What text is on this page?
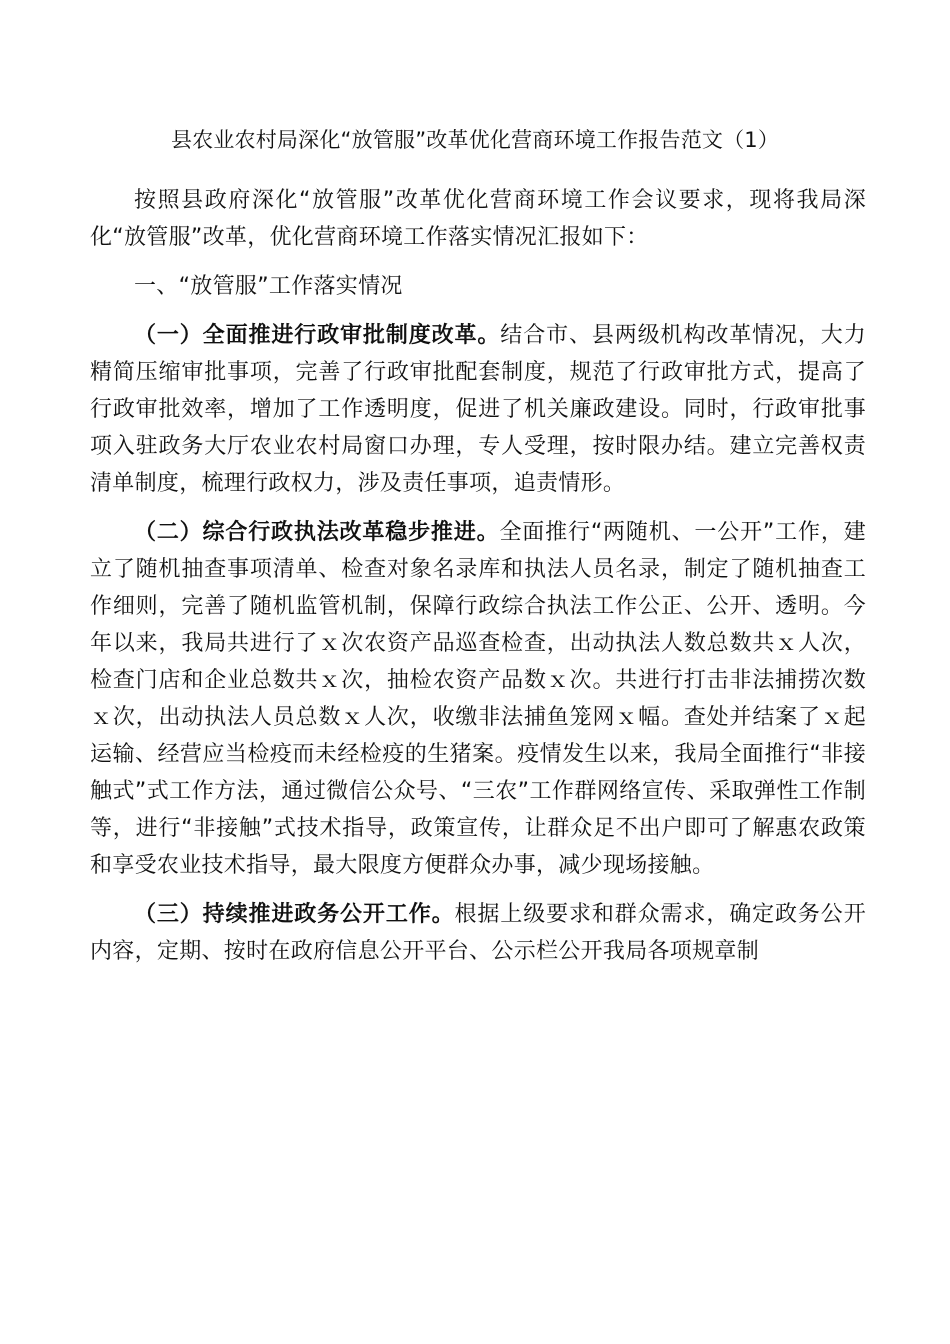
县农业农村局深化“放管服”改革优化营商环境工作报告范文（1）

按照县政府深化“放管服”改革优化营商环境工作会议要求，现将我局深化“放管服”改革，优化营商环境工作落实情况汇报如下：

一、“放管服”工作落实情况

（一）全面推进行政审批制度改革。结合市、县两级机构改革情况，大力精简压缩审批事项，完善了行政审批配套制度，规范了行政审批方式，提高了行政审批效率，增加了工作透明度，促进了机关廉政建设。同时，行政审批事项入驻政务大厅农业农村局窗口办理，专人受理，按时限办结。建立完善权责清单制度，梳理行政权力，涉及责任事项，追责情形。

（二）综合行政执法改革稳步推进。全面推行“两随机、一公开”工作，建立了随机抽查事项清单、检查对象名录库和执法人员名录，制定了随机抽查工作细则，完善了随机监管机制，保障行政综合执法工作公正、公开、透明。今年以来，我局共进行了ｘ次农资产品巡查检查，出动执法人数总数共ｘ人次，检查门店和企业总数共ｘ次，抽检农资产品数ｘ次。共进行打击非法捕捞次数ｘ次，出动执法人员总数ｘ人次，收缴非法捕鱼笼网ｘ幅。查处并结案了ｘ起运输、经营应当检疫而未经检疫的生猪案。疫情发生以来，我局全面推行“非接触式”式工作方法，通过微信公众号、“三农”工作群网络宣传、采取弹性工作制等，进行“非接触”式技术指导，政策宣传，让群众足不出户即可了解惠农政策和享受农业技术指导，最大限度方便群众办事，减少现场接触。

（三）持续推进政务公开工作。根据上级要求和群众需求，确定政务公开内容，定期、按时在政府信息公开平台、公示栏公开我局各项规章制
